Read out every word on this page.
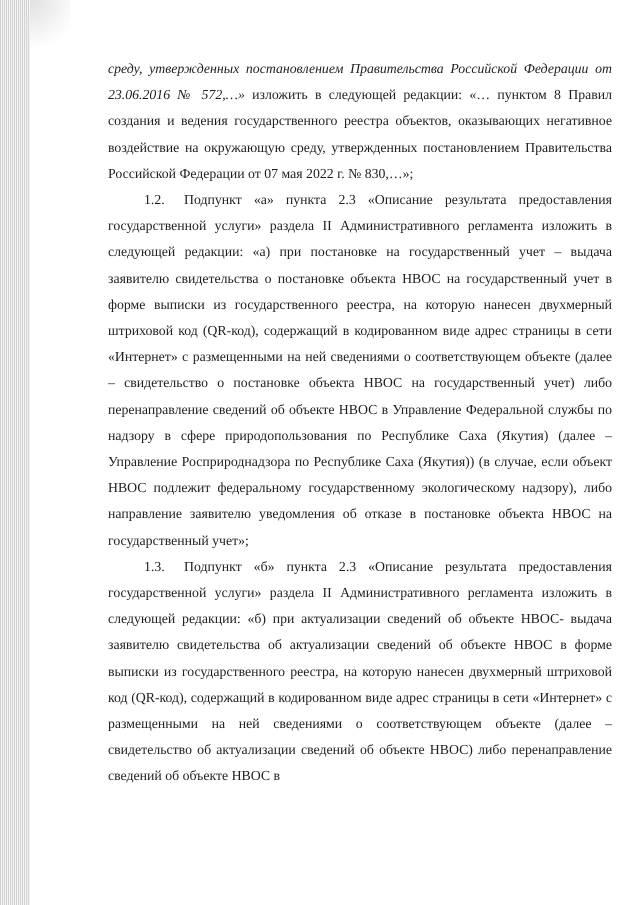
среду, утвержденных постановлением Правительства Российской Федерации от 23.06.2016 № 572,…» изложить в следующей редакции: «… пунктом 8 Правил создания и ведения государственного реестра объектов, оказывающих негативное воздействие на окружающую среду, утвержденных постановлением Правительства Российской Федерации от 07 мая 2022 г. № 830,…»;

1.2. Подпункт «а» пункта 2.3 «Описание результата предоставления государственной услуги» раздела II Административного регламента изложить в следующей редакции: «а) при постановке на государственный учет – выдача заявителю свидетельства о постановке объекта НВОС на государственный учет в форме выписки из государственного реестра, на которую нанесен двухмерный штриховой код (QR-код), содержащий в кодированном виде адрес страницы в сети «Интернет» с размещенными на ней сведениями о соответствующем объекте (далее – свидетельство о постановке объекта НВОС на государственный учет) либо перенаправление сведений об объекте НВОС в Управление Федеральной службы по надзору в сфере природопользования по Республике Саха (Якутия) (далее – Управление Росприроднадзора по Республике Саха (Якутия)) (в случае, если объект НВОС подлежит федеральному государственному экологическому надзору), либо направление заявителю уведомления об отказе в постановке объекта НВОС на государственный учет»;

1.3. Подпункт «б» пункта 2.3 «Описание результата предоставления государственной услуги» раздела II Административного регламента изложить в следующей редакции: «б) при актуализации сведений об объекте НВОС- выдача заявителю свидетельства об актуализации сведений об объекте НВОС в форме выписки из государственного реестра, на которую нанесен двухмерный штриховой код (QR-код), содержащий в кодированном виде адрес страницы в сети «Интернет» с размещенными на ней сведениями о соответствующем объекте (далее – свидетельство об актуализации сведений об объекте НВОС) либо перенаправление сведений об объекте НВОС в
